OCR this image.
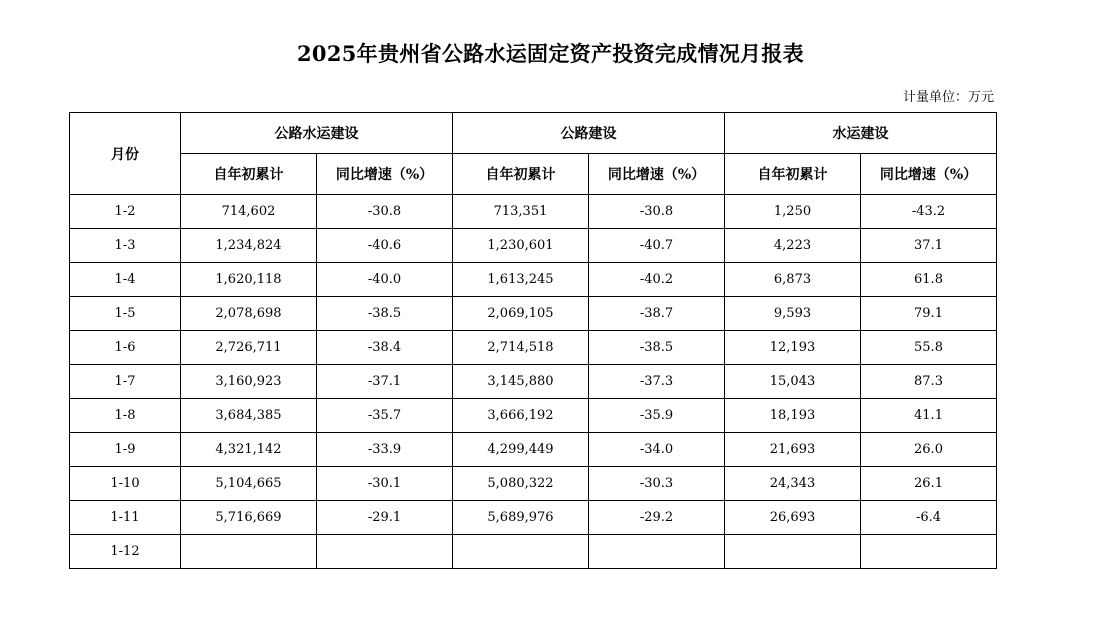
2025年贵州省公路水运固定资产投资完成情况月报表
计量单位：万元
月份	公路水运建设		公路建设		水运建设	
	自年初累计	同比增速（%）	自年初累计	同比增速（%）	自年初累计	同比增速（%）
1-2	714,602	-30.8	713,351	-30.8	1,250	-43.2
1-3	1,234,824	-40.6	1,230,601	-40.7	4,223	37.1
1-4	1,620,118	-40.0	1,613,245	-40.2	6,873	61.8
1-5	2,078,698	-38.5	2,069,105	-38.7	9,593	79.1
1-6	2,726,711	-38.4	2,714,518	-38.5	12,193	55.8
1-7	3,160,923	-37.1	3,145,880	-37.3	15,043	87.3
1-8	3,684,385	-35.7	3,666,192	-35.9	18,193	41.1
1-9	4,321,142	-33.9	4,299,449	-34.0	21,693	26.0
1-10	5,104,665	-30.1	5,080,322	-30.3	24,343	26.1
1-11	5,716,669	-29.1	5,689,976	-29.2	26,693	-6.4
1-12						
